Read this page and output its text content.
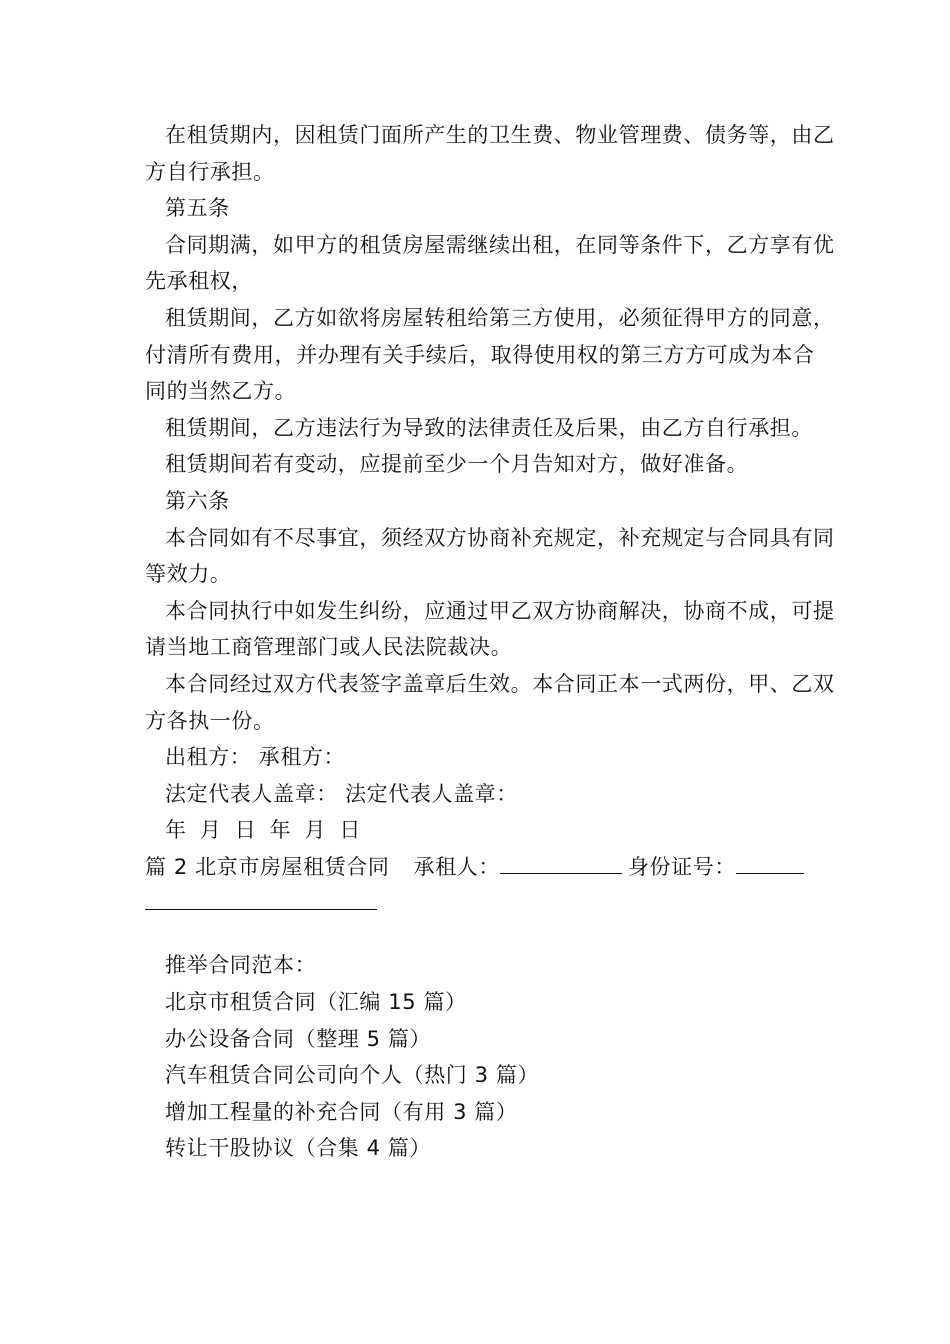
在租赁期内，因租赁门面所产生的卫生费、物业管理费、债务等，由乙方自行承担。

第五条

合同期满，如甲方的租赁房屋需继续出租，在同等条件下，乙方享有优先承租权，

租赁期间，乙方如欲将房屋转租给第三方使用，必须征得甲方的同意，付清所有费用，并办理有关手续后，取得使用权的第三方方可成为本合同的当然乙方。

租赁期间，乙方违法行为导致的法律责任及后果，由乙方自行承担。

租赁期间若有变动，应提前至少一个月告知对方，做好准备。

第六条

本合同如有不尽事宜，须经双方协商补充规定，补充规定与合同具有同等效力。

本合同执行中如发生纠纷，应通过甲乙双方协商解决，协商不成，可提请当地工商管理部门或人民法院裁决。

本合同经过双方代表签字盖章后生效。本合同正本一式两份，甲、乙双方各执一份。

出租方： 承租方：

法定代表人盖章： 法定代表人盖章：

年 月 日 年 月 日

篇 2 北京市房屋租赁合同 承租人：	身份证号：

推举合同范本：

北京市租赁合同（汇编 15 篇）
办公设备合同（整理 5 篇）
汽车租赁合同公司向个人（热门 3 篇）
增加工程量的补充合同（有用 3 篇）
转让干股协议（合集 4 篇）
